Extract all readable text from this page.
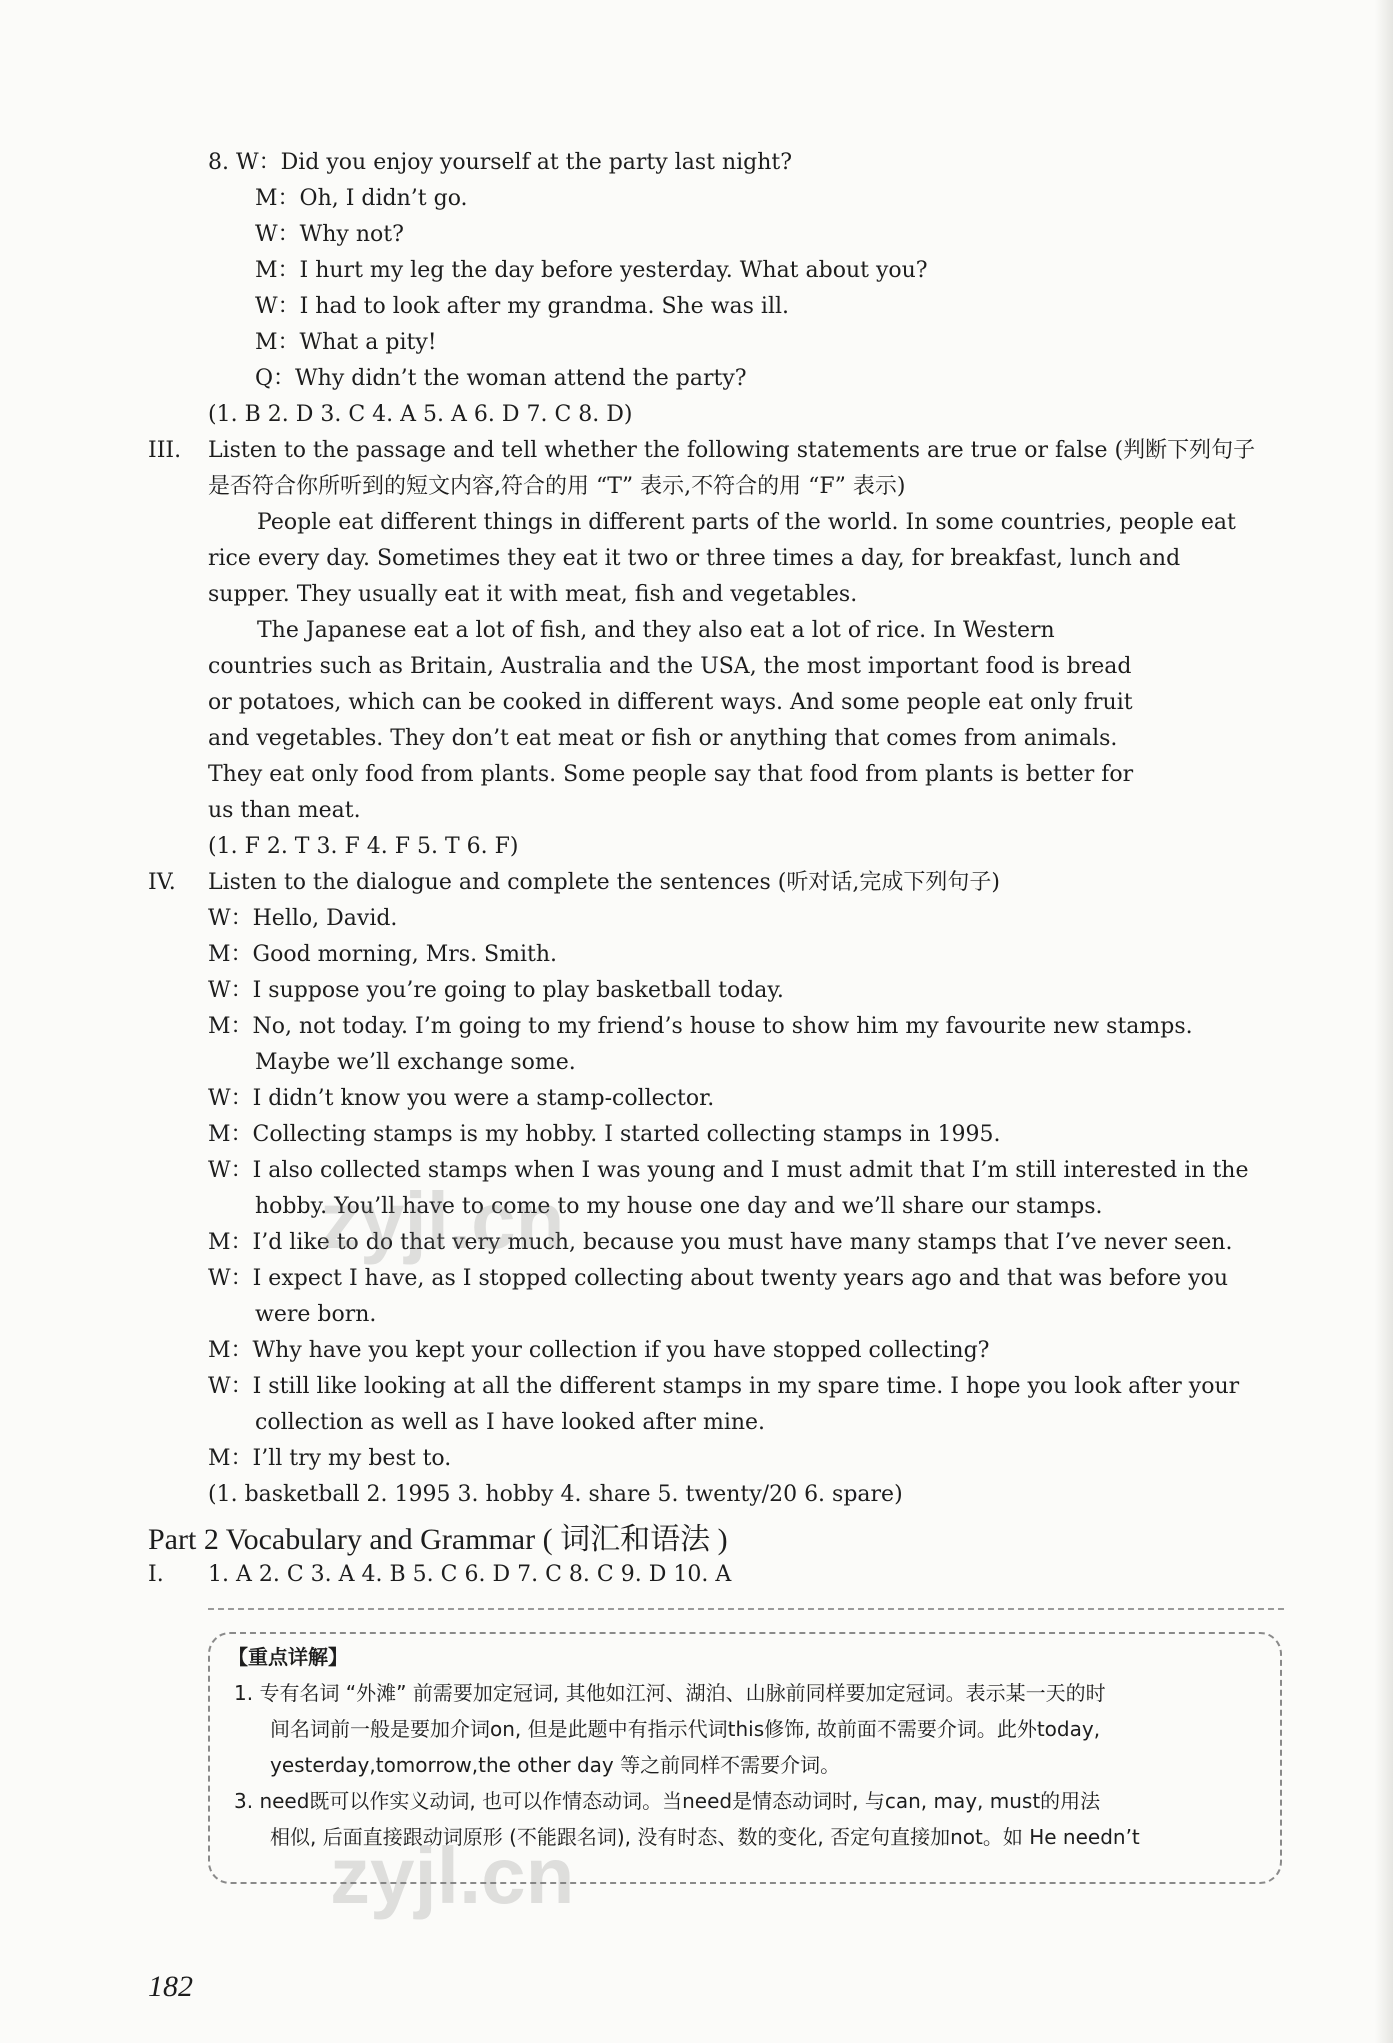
8. W：Did you enjoy yourself at the party last night?
M：Oh, I didn’t go.
W：Why not?
M：I hurt my leg the day before yesterday. What about you?
W：I had to look after my grandma. She was ill.
M：What a pity!
Q：Why didn’t the woman attend the party?
(1. B 2. D 3. C 4. A 5. A 6. D 7. C 8. D)
III. Listen to the passage and tell whether the following statements are true or false (判断下列句子
是否符合你所听到的短文内容,符合的用 “T” 表示,不符合的用 “F” 表示)
People eat different things in different parts of the world. In some countries, people eat
rice every day. Sometimes they eat it two or three times a day, for breakfast, lunch and
supper. They usually eat it with meat, fish and vegetables.
The Japanese eat a lot of fish, and they also eat a lot of rice. In Western
countries such as Britain, Australia and the USA, the most important food is bread
or potatoes, which can be cooked in different ways. And some people eat only fruit
and vegetables. They don’t eat meat or fish or anything that comes from animals.
They eat only food from plants. Some people say that food from plants is better for
us than meat.
(1. F 2. T 3. F 4. F 5. T 6. F)
IV. Listen to the dialogue and complete the sentences (听对话,完成下列句子)
W：Hello, David.
M：Good morning, Mrs. Smith.
W：I suppose you’re going to play basketball today.
M：No, not today. I’m going to my friend’s house to show him my favourite new stamps.
Maybe we’ll exchange some.
W：I didn’t know you were a stamp-collector.
M：Collecting stamps is my hobby. I started collecting stamps in 1995.
W：I also collected stamps when I was young and I must admit that I’m still interested in the
hobby. You’ll have to come to my house one day and we’ll share our stamps.
M：I’d like to do that very much, because you must have many stamps that I’ve never seen.
W：I expect I have, as I stopped collecting about twenty years ago and that was before you
were born.
M：Why have you kept your collection if you have stopped collecting?
W：I still like looking at all the different stamps in my spare time. I hope you look after your
collection as well as I have looked after mine.
M：I’ll try my best to.
(1. basketball 2. 1995 3. hobby 4. share 5. twenty/20 6. spare)
Part 2 Vocabulary and Grammar ( 词汇和语法 )
I. 1. A 2. C 3. A 4. B 5. C 6. D 7. C 8. C 9. D 10. A
【重点详解】
1. 专有名词 “外滩” 前需要加定冠词, 其他如江河、湖泊、山脉前同样要加定冠词。表示某一天的时
间名词前一般是要加介词on, 但是此题中有指示代词this修饰, 故前面不需要介词。此外today,
yesterday,tomorrow,the other day 等之前同样不需要介词。
3. need既可以作实义动词, 也可以作情态动词。当need是情态动词时, 与can, may, must的用法
相似, 后面直接跟动词原形 (不能跟名词), 没有时态、数的变化, 否定句直接加not。如 He needn’t
zyjl.cn
zyjl.cn
182
